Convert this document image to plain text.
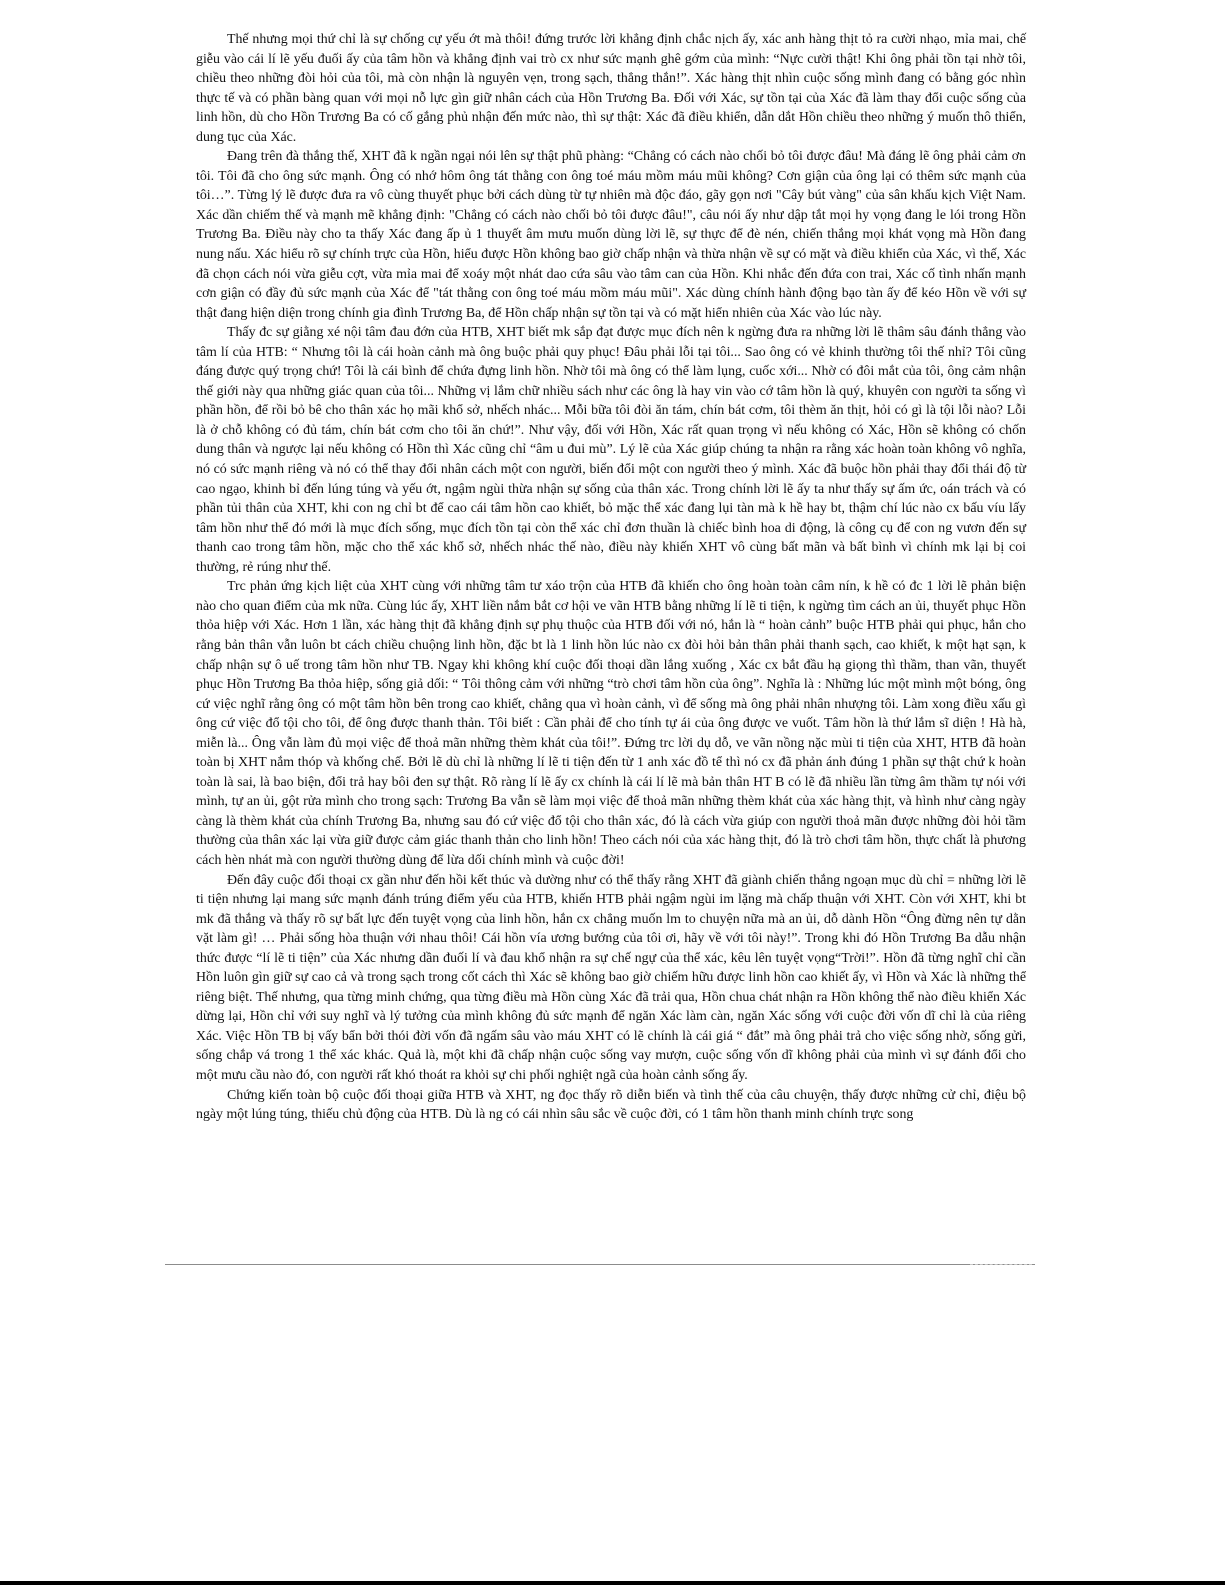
Thế nhưng mọi thứ chỉ là sự chống cự yếu ớt mà thôi! đứng trước lời khẳng định chắc nịch ấy, xác anh hàng thịt tỏ ra cười nhạo, mỉa mai, chế giễu vào cái lí lẽ yếu đuối ấy của tâm hồn và khẳng định vai trò cx như sức mạnh ghê gớm của mình: “Nực cười thật! Khi ông phải tồn tại nhờ tôi, chiều theo những đòi hỏi của tôi, mà còn nhận là nguyên vẹn, trong sạch, thẳng thắn!”. Xác hàng thịt nhìn cuộc sống mình đang có bằng góc nhìn thực tế và có phần bàng quan với mọi nỗ lực gìn giữ nhân cách của Hồn Trương Ba. Đối với Xác, sự tồn tại của Xác đã làm thay đổi cuộc sống của linh hồn, dù cho Hồn Trương Ba có cố gắng phủ nhận đến mức nào, thì sự thật: Xác đã điều khiển, dẫn dắt Hồn chiều theo những ý muốn thô thiển, dung tục của Xác.

Đang trên đà thắng thế, XHT đã k ngần ngại nói lên sự thật phũ phàng: “Chẳng có cách nào chối bỏ tôi được đâu! Mà đáng lẽ ông phải cảm ơn tôi. Tôi đã cho ông sức mạnh. Ông có nhớ hôm ông tát thằng con ông toé máu mồm máu mũi không? Cơn giận của ông lại có thêm sức mạnh của tôi…”. Từng lý lẽ được đưa ra vô cùng thuyết phục bởi cách dùng từ tự nhiên mà độc đáo, gãy gọn nơi "Cây bút vàng" của sân khấu kịch Việt Nam. Xác dần chiếm thế và mạnh mẽ khẳng định: "Chẳng có cách nào chối bỏ tôi được đâu!", câu nói ấy như dập tắt mọi hy vọng đang le lói trong Hồn Trương Ba. Điều này cho ta thấy Xác đang ấp ủ 1 thuyết âm mưu muốn dùng lời lẽ, sự thực để đè nén, chiến thắng mọi khát vọng mà Hồn đang nung nấu. Xác hiểu rõ sự chính trực của Hồn, hiểu được Hồn không bao giờ chấp nhận và thừa nhận về sự có mặt và điều khiển của Xác, vì thế, Xác đã chọn cách nói vừa giễu cợt, vừa mỉa mai để xoáy một nhát dao cứa sâu vào tâm can của Hồn. Khi nhắc đến đứa con trai, Xác cố tình nhấn mạnh cơn giận có đầy đủ sức mạnh của Xác để "tát thằng con ông toé máu mồm máu mũi". Xác dùng chính hành động bạo tàn ấy để kéo Hồn về với sự thật đang hiện diện trong chính gia đình Trương Ba, để Hồn chấp nhận sự tồn tại và có mặt hiển nhiên của Xác vào lúc này.

Thấy đc sự giằng xé nội tâm đau đớn của HTB, XHT biết mk sắp đạt được mục đích nên k ngừng đưa ra những lời lẽ thâm sâu đánh thẳng vào tâm lí của HTB: “ Nhưng tôi là cái hoàn cảnh mà ông buộc phải quy phục! Đâu phải lỗi tại tôi... Sao ông có vẻ khinh thường tôi thế nhỉ? Tôi cũng đáng được quý trọng chứ! Tôi là cái bình để chứa đựng linh hồn. Nhờ tôi mà ông có thể làm lụng, cuốc xới... Nhờ có đôi mắt của tôi, ông cảm nhận thế giới này qua những giác quan của tôi... Những vị lắm chữ nhiều sách như các ông là hay vin vào cớ tâm hồn là quý, khuyên con người ta sống vì phần hồn, để rồi bỏ bê cho thân xác họ mãi khổ sở, nhếch nhác... Mỗi bữa tôi đòi ăn tám, chín bát cơm, tôi thèm ăn thịt, hỏi có gì là tội lỗi nào? Lỗi là ở chỗ không có đủ tám, chín bát cơm cho tôi ăn chứ!”. Như vậy, đối với Hồn, Xác rất quan trọng vì nếu không có Xác, Hồn sẽ không có chốn dung thân và ngược lại nếu không có Hồn thì Xác cũng chỉ “âm u đui mù”. Lý lẽ của Xác giúp chúng ta nhận ra rằng xác hoàn toàn không vô nghĩa, nó có sức mạnh riêng và nó có thể thay đổi nhân cách một con người, biến đổi một con người theo ý mình. Xác đã buộc hồn phải thay đổi thái độ từ cao ngạo, khinh bỉ đến lúng túng và yếu ớt, ngậm ngùi thừa nhận sự sống của thân xác. Trong chính lời lẽ ấy ta như thấy sự ấm ức, oán trách và có phần tủi thân của XHT, khi con ng chỉ bt để cao cái tâm hồn cao khiết, bỏ mặc thể xác đang lụi tàn mà k hề hay bt, thậm chí lúc nào cx bấu víu lấy tâm hồn như thể đó mới là mục đích sống, mục đích tồn tại còn thể xác chỉ đơn thuần là chiếc bình hoa di động, là công cụ để con ng vươn đến sự thanh cao trong tâm hồn, mặc cho thể xác khổ sở, nhếch nhác thế nào, điều này khiến XHT vô cùng bất mãn và bất bình vì chính mk lại bị coi thường, rẻ rúng như thế.

Trc phản ứng kịch liệt của XHT cùng với những tâm tư xáo trộn của HTB đã khiến cho ông hoàn toàn câm nín, k hề có đc 1 lời lẽ phản biện nào cho quan điểm của mk nữa. Cùng lúc ấy, XHT liền nắm bắt cơ hội ve vãn HTB bằng những lí lẽ ti tiện, k ngừng tìm cách an ủi, thuyết phục Hồn thỏa hiệp với Xác. Hơn 1 lần, xác hàng thịt đã khẳng định sự phụ thuộc của HTB đối với nó, hắn là “ hoàn cảnh” buộc HTB phải qui phục, hắn cho rằng bản thân vẫn luôn bt cách chiều chuộng linh hồn, đặc bt là 1 linh hồn lúc nào cx đòi hỏi bản thân phải thanh sạch, cao khiết, k một hạt sạn, k chấp nhận sự ô uế trong tâm hồn như TB. Ngay khi không khí cuộc đối thoại dần lắng xuống , Xác cx bắt đầu hạ giọng thì thầm, than vãn, thuyết phục Hồn Trương Ba thỏa hiệp, sống giả dối: “ Tôi thông cảm với những “trò chơi tâm hồn của ông”. Nghĩa là : Những lúc một mình một bóng, ông cứ việc nghĩ rằng ông có một tâm hồn bên trong cao khiết, chẳng qua vì hoàn cảnh, vì để sống mà ông phải nhân nhượng tôi. Làm xong điều xấu gì ông cứ việc đổ tội cho tôi, để ông được thanh thản. Tôi biết : Cần phải để cho tính tự ái của ông được ve vuốt. Tâm hồn là thứ lắm sĩ diện ! Hà hà, miễn là... Ông vẫn làm đủ mọi việc để thoả mãn những thèm khát của tôi!”. Đứng trc lời dụ dỗ, ve vãn nồng nặc mùi ti tiện của XHT, HTB đã hoàn toàn bị XHT nắm thóp và khống chế. Bởi lẽ dù chỉ là những lí lẽ ti tiện đến từ 1 anh xác đồ tể thì nó cx đã phản ánh đúng 1 phần sự thật chứ k hoàn toàn là sai, là bao biện, đổi trả hay bôi đen sự thật. Rõ ràng lí lẽ ấy cx chính là cái lí lẽ mà bản thân HT B có lẽ đã nhiều lần từng âm thầm tự nói với mình, tự an ủi, gột rửa mình cho trong sạch: Trương Ba vẫn sẽ làm mọi việc để thoả mãn những thèm khát của xác hàng thịt, và hình như càng ngày càng là thèm khát của chính Trương Ba, nhưng sau đó cứ việc đổ tội cho thân xác, đó là cách vừa giúp con người thoả mãn được những đòi hỏi tầm thường của thân xác lại vừa giữ được cảm giác thanh thản cho linh hồn! Theo cách nói của xác hàng thịt, đó là trò chơi tâm hồn, thực chất là phương cách hèn nhát mà con người thường dùng để lừa dối chính mình và cuộc đời!

Đến đây cuộc đối thoại cx gần như đến hồi kết thúc và dường như có thể thấy rằng XHT đã giành chiến thắng ngoạn mục dù chỉ = những lời lẽ ti tiện nhưng lại mang sức mạnh đánh trúng điểm yếu của HTB, khiến HTB phải ngậm ngùi im lặng mà chấp thuận với XHT. Còn với XHT, khi bt mk đã thắng và thấy rõ sự bất lực đến tuyệt vọng của linh hồn, hắn cx chẳng muốn lm to chuyện nữa mà an ủi, dỗ dành Hồn “Ông đừng nên tự dằn vặt làm gì! … Phải sống hòa thuận với nhau thôi! Cái hồn vía ương bướng của tôi ơi, hãy về với tôi này!”. Trong khi đó Hồn Trương Ba dẫu nhận thức được “lí lẽ ti tiện” của Xác nhưng dần đuối lí và đau khổ nhận ra sự chế ngự của thể xác, kêu lên tuyệt vọng“Trời!”. Hồn đã từng nghĩ chỉ cần Hồn luôn gìn giữ sự cao cả và trong sạch trong cốt cách thì Xác sẽ không bao giờ chiếm hữu được linh hồn cao khiết ấy, vì Hồn và Xác là những thể riêng biệt. Thế nhưng, qua từng minh chứng, qua từng điều mà Hồn cùng Xác đã trải qua, Hồn chua chát nhận ra Hồn không thể nào điều khiển Xác dừng lại, Hồn chỉ với suy nghĩ và lý tưởng của mình không đủ sức mạnh để ngăn Xác làm càn, ngăn Xác sống với cuộc đời vốn dĩ chỉ là của riêng Xác. Việc Hồn TB bị vấy bẩn bởi thói đời vốn đã ngấm sâu vào máu XHT có lẽ chính là cái giá “ đắt” mà ông phải trả cho việc sống nhờ, sống gửi, sống chắp vá trong 1 thể xác khác. Quả là, một khi đã chấp nhận cuộc sống vay mượn, cuộc sống vốn dĩ không phải của mình vì sự đánh đổi cho một mưu cầu nào đó, con người rất khó thoát ra khỏi sự chi phối nghiệt ngã của hoàn cảnh sống ấy.

Chứng kiến toàn bộ cuộc đối thoại giữa HTB và XHT, ng đọc thấy rõ diễn biến và tình thế của câu chuyện, thấy được những cử chỉ, điệu bộ ngày một lúng túng, thiếu chủ động của HTB. Dù là ng có cái nhìn sâu sắc về cuộc đời, có 1 tâm hồn thanh minh chính trực song
